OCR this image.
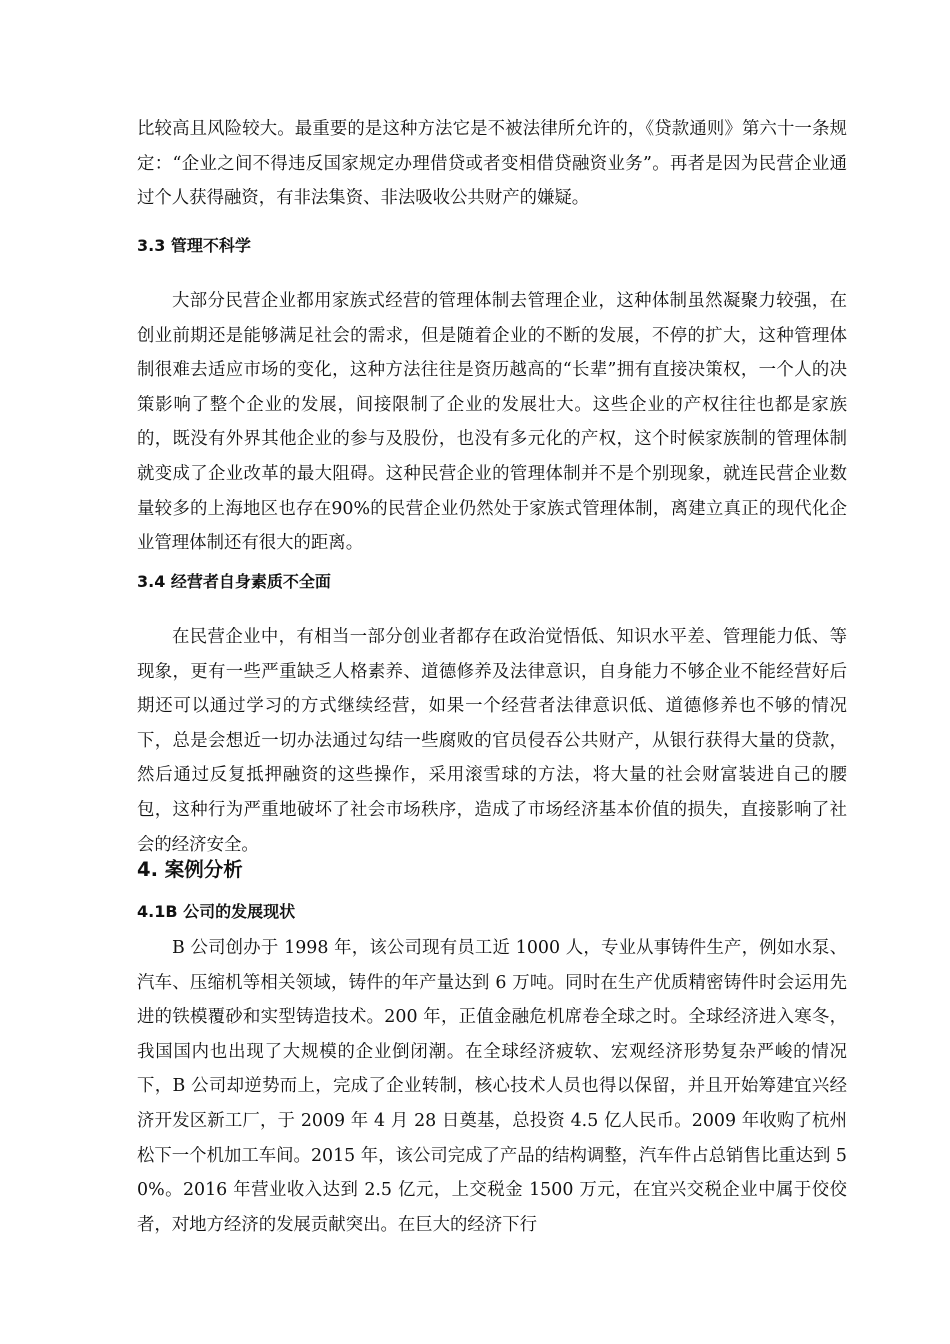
比较高且风险较大。最重要的是这种方法它是不被法律所允许的，《贷款通则》第六十一条规定：“企业之间不得违反国家规定办理借贷或者变相借贷融资业务”。再者是因为民营企业通过个人获得融资，有非法集资、非法吸收公共财产的嫌疑。

3.3 管理不科学

大部分民营企业都用家族式经营的管理体制去管理企业，这种体制虽然凝聚力较强，在创业前期还是能够满足社会的需求，但是随着企业的不断的发展，不停的扩大，这种管理体制很难去适应市场的变化，这种方法往往是资历越高的“长辈”拥有直接决策权，一个人的决策影响了整个企业的发展，间接限制了企业的发展壮大。这些企业的产权往往也都是家族的，既没有外界其他企业的参与及股份，也没有多元化的产权，这个时候家族制的管理体制就变成了企业改革的最大阻碍。这种民营企业的管理体制并不是个别现象，就连民营企业数量较多的上海地区也存在90%的民营企业仍然处于家族式管理体制，离建立真正的现代化企业管理体制还有很大的距离。

3.4 经营者自身素质不全面

在民营企业中，有相当一部分创业者都存在政治觉悟低、知识水平差、管理能力低、等现象，更有一些严重缺乏人格素养、道德修养及法律意识，自身能力不够企业不能经营好后期还可以通过学习的方式继续经营，如果一个经营者法律意识低、道德修养也不够的情况下，总是会想近一切办法通过勾结一些腐败的官员侵吞公共财产，从银行获得大量的贷款，然后通过反复抵押融资的这些操作，采用滚雪球的方法，将大量的社会财富装进自己的腰包，这种行为严重地破坏了社会市场秩序，造成了市场经济基本价值的损失，直接影响了社会的经济安全。

4. 案例分析
4.1B 公司的发展现状

B 公司创办于 1998 年，该公司现有员工近 1000 人，专业从事铸件生产，例如水泵、汽车、压缩机等相关领域，铸件的年产量达到 6 万吨。同时在生产优质精密铸件时会运用先进的铁模覆砂和实型铸造技术。200 年，正值金融危机席卷全球之时。全球经济进入寒冬，我国国内也出现了大规模的企业倒闭潮。在全球经济疲软、宏观经济形势复杂严峻的情况下，B 公司却逆势而上，完成了企业转制，核心技术人员也得以保留，并且开始筹建宜兴经济开发区新工厂，于 2009 年 4 月 28 日奠基，总投资 4.5 亿人民币。2009 年收购了杭州松下一个机加工车间。2015 年，该公司完成了产品的结构调整，汽车件占总销售比重达到 50%。2016 年营业收入达到 2.5 亿元，上交税金 1500 万元，在宜兴交税企业中属于佼佼者，对地方经济的发展贡献突出。在巨大的经济下行
